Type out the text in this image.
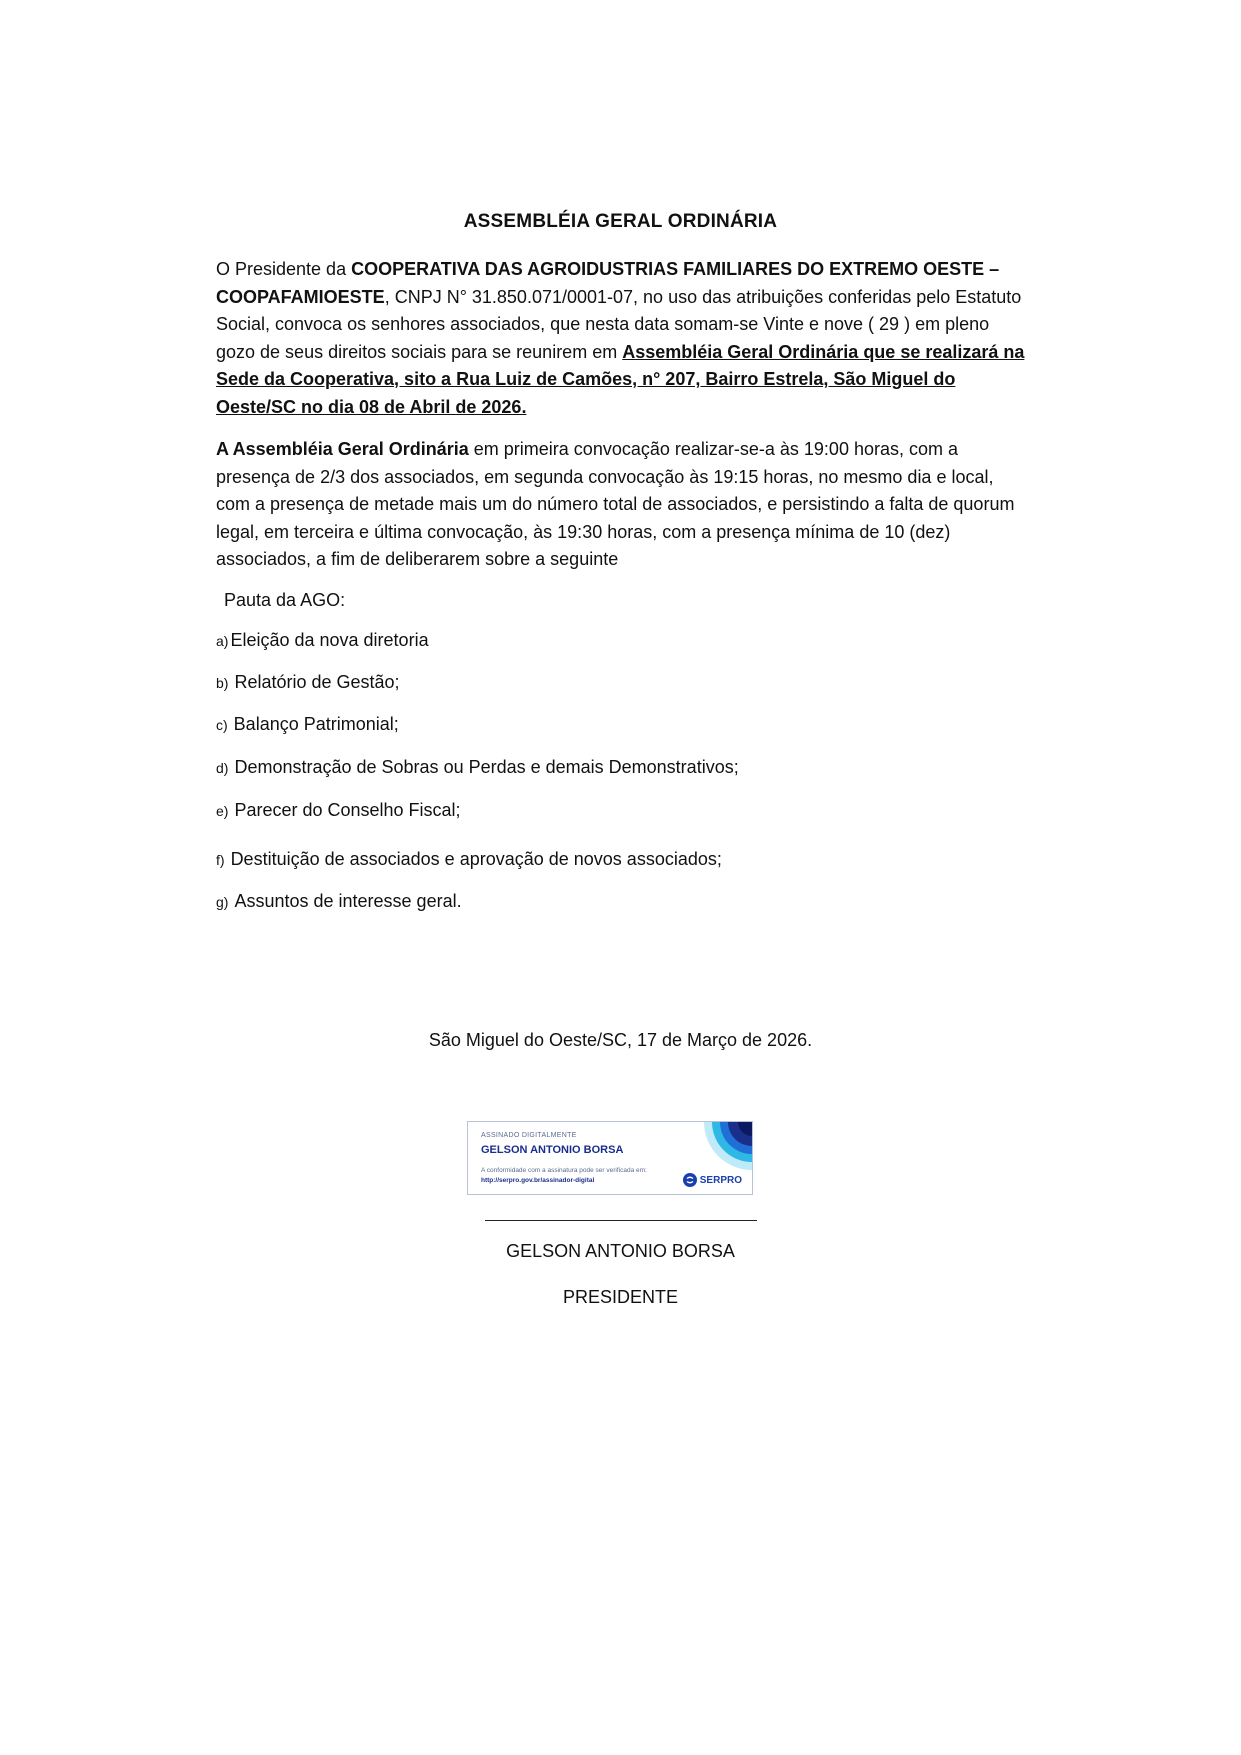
ASSEMBLÉIA GERAL ORDINÁRIA
O Presidente da COOPERATIVA DAS AGROIDUSTRIAS FAMILIARES DO EXTREMO OESTE – COOPAFAMIOESTE, CNPJ N° 31.850.071/0001-07, no uso das atribuições conferidas pelo Estatuto Social, convoca os senhores associados, que nesta data somam-se Vinte e nove ( 29 ) em pleno gozo de seus direitos sociais para se reunirem em Assembléia Geral Ordinária que se realizará na Sede da Cooperativa, sito a Rua Luiz de Camões, n° 207, Bairro Estrela, São Miguel do Oeste/SC no dia 08 de Abril de 2026.
A Assembléia Geral Ordinária em primeira convocação realizar-se-a às 19:00 horas, com a presença de 2/3 dos associados, em segunda convocação às 19:15 horas, no mesmo dia e local, com a presença de metade mais um do número total de associados, e persistindo a falta de quorum legal, em terceira e última convocação, às 19:30 horas, com a presença mínima de 10 (dez) associados, a fim de deliberarem sobre a seguinte
Pauta da AGO:
a) Eleição da nova diretoria
b) Relatório de Gestão;
c) Balanço Patrimonial;
d) Demonstração de Sobras ou Perdas e demais Demonstrativos;
e) Parecer do Conselho Fiscal;
f) Destituição de associados e aprovação de novos associados;
g) Assuntos de interesse geral.
São Miguel do Oeste/SC, 17 de Março de 2026.
ASSINADO DIGITALMENTE
GELSON ANTONIO BORSA
A conformidade com a assinatura pode ser verificada em:
http://serpro.gov.br/assinador-digital	SERPRO
GELSON ANTONIO BORSA
PRESIDENTE
